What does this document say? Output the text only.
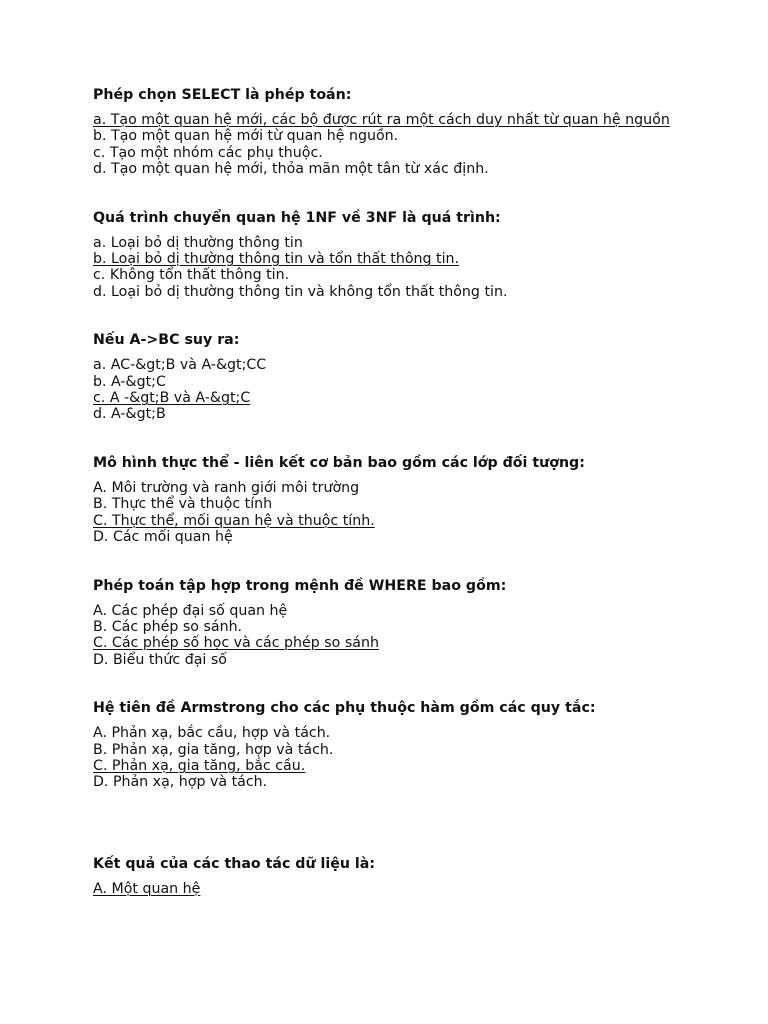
Phép chọn SELECT là phép toán:

a. Tạo một quan hệ mới, các bộ được rút ra một cách duy nhất từ quan hệ nguồn

b. Tạo một quan hệ mới từ quan hệ nguồn.

c. Tạo một nhóm các phụ thuộc.

d. Tạo một quan hệ mới, thỏa mãn một tân từ xác định.

Quá trình chuyển quan hệ 1NF về 3NF là quá trình:

a. Loại bỏ dị thường thông tin

b. Loại bỏ dị thường thông tin và tổn thất thông tin.

c. Không tổn thất thông tin.

d. Loại bỏ dị thường thông tin và không tổn thất thông tin.

Nếu A->BC suy ra:

a. AC-&gt;B và A-&gt;CC

b. A-&gt;C

c. A -&gt;B và A-&gt;C

d. A-&gt;B

Mô hình thực thể - liên kết cơ bản bao gồm các lớp đối tượng:

A. Môi trường và ranh giới môi trường

B. Thực thể và thuộc tính

C. Thực thể, mối quan hệ và thuộc tính.

D. Các mối quan hệ

Phép toán tập hợp trong mệnh đề WHERE bao gồm:

A. Các phép đại số quan hệ

B. Các phép so sánh.

C. Các phép số học và các phép so sánh

D. Biểu thức đại số

Hệ tiên đề Armstrong cho các phụ thuộc hàm gồm các quy tắc:

A. Phản xạ, bắc cầu, hợp và tách.

B. Phản xạ, gia tăng, hợp và tách.

C. Phản xạ, gia tăng, bắc cầu.

D. Phản xạ, hợp và tách.

Kết quả của các thao tác dữ liệu là:

A. Một quan hệ
